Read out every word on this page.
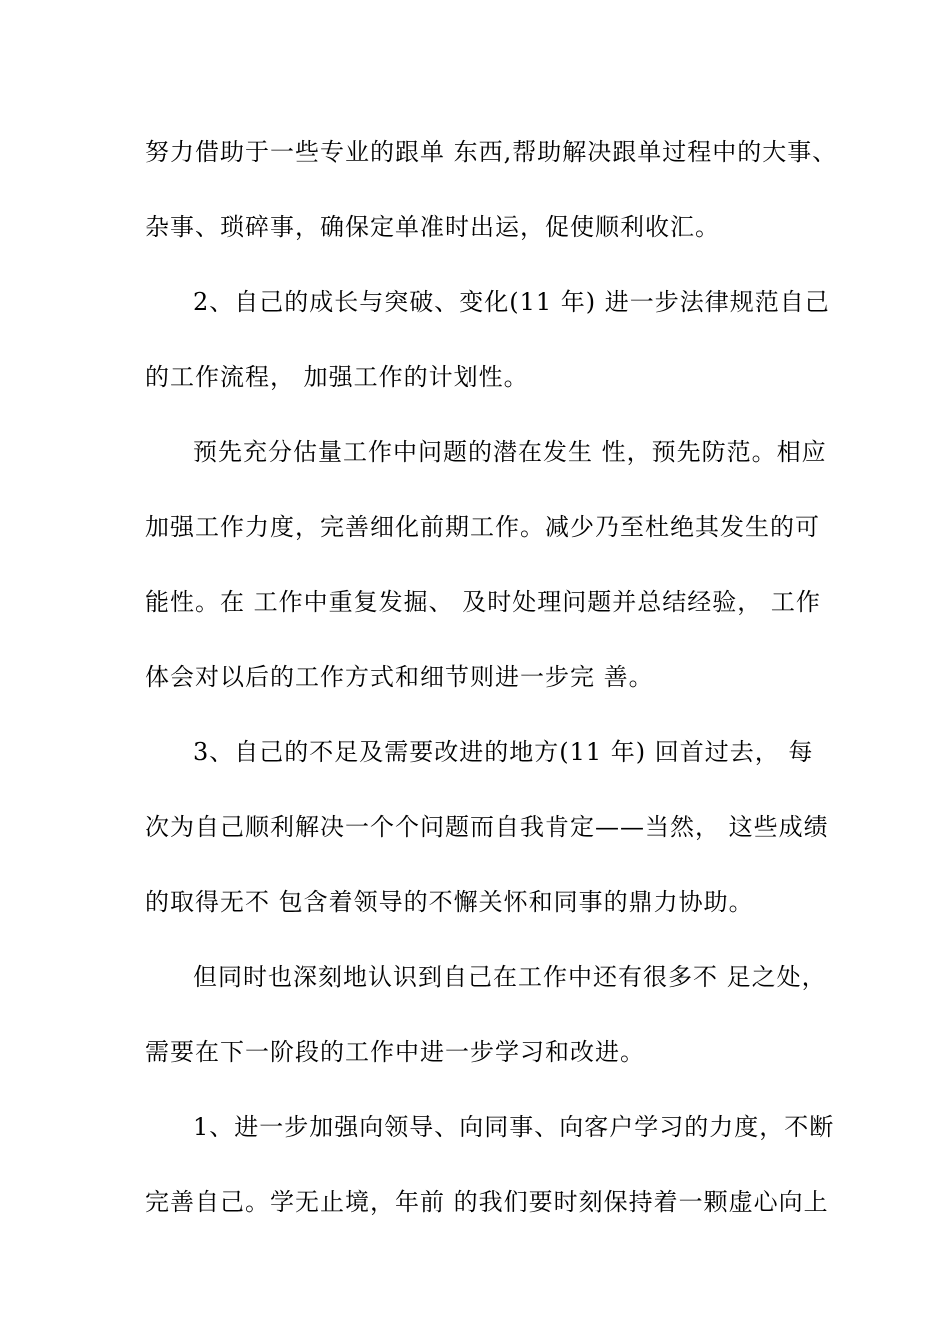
努力借助于一些专业的跟单 东西,帮助解决跟单过程中的大事、
杂事、琐碎事，确保定单准时出运，促使顺利收汇。
2、自己的成长与突破、变化(11 年) 进一步法律规范自己
的工作流程， 加强工作的计划性。
预先充分估量工作中问题的潜在发生 性，预先防范。相应
加强工作力度，完善细化前期工作。减少乃至杜绝其发生的可
能性。在 工作中重复发掘、 及时处理问题并总结经验， 工作
体会对以后的工作方式和细节则进一步完 善。
3、自己的不足及需要改进的地方(11 年) 回首过去， 每
次为自己顺利解决一个个问题而自我肯定——当然， 这些成绩
的取得无不 包含着领导的不懈关怀和同事的鼎力协助。
但同时也深刻地认识到自己在工作中还有很多不 足之处，
需要在下一阶段的工作中进一步学习和改进。
1、进一步加强向领导、向同事、向客户学习的力度，不断
完善自己。学无止境，年前 的我们要时刻保持着一颗虚心向上
